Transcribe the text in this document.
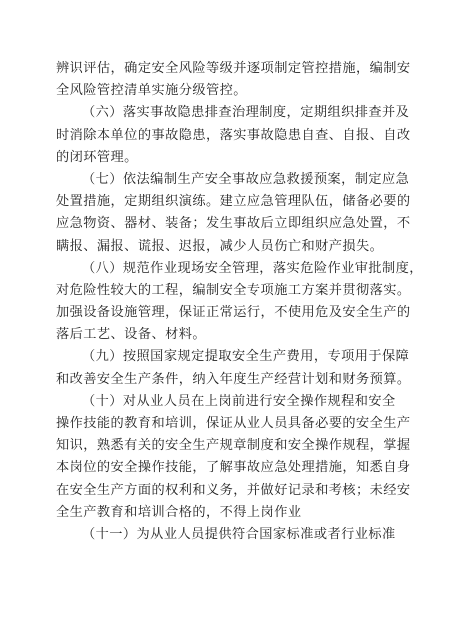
辨识评估，确定安全风险等级并逐项制定管控措施，编制安
全风险管控清单实施分级管控。
（六）落实事故隐患排查治理制度，定期组织排查并及
时消除本单位的事故隐患，落实事故隐患自查、自报、自改
的闭环管理。
（七）依法编制生产安全事故应急救援预案，制定应急
处置措施，定期组织演练。建立应急管理队伍，储备必要的
应急物资、器材、装备；发生事故后立即组织应急处置，不
瞒报、漏报、谎报、迟报，减少人员伤亡和财产损失。
（八）规范作业现场安全管理，落实危险作业审批制度，
对危险性较大的工程，编制安全专项施工方案并贯彻落实。
加强设备设施管理，保证正常运行，不使用危及安全生产的
落后工艺、设备、材料。
（九）按照国家规定提取安全生产费用，专项用于保障
和改善安全生产条件，纳入年度生产经营计划和财务预算。
（十）对从业人员在上岗前进行安全操作规程和安全
操作技能的教育和培训，保证从业人员具备必要的安全生产
知识，熟悉有关的安全生产规章制度和安全操作规程，掌握
本岗位的安全操作技能，了解事故应急处理措施，知悉自身
在安全生产方面的权利和义务，并做好记录和考核；未经安
全生产教育和培训合格的，不得上岗作业
（十一）为从业人员提供符合国家标准或者行业标准
